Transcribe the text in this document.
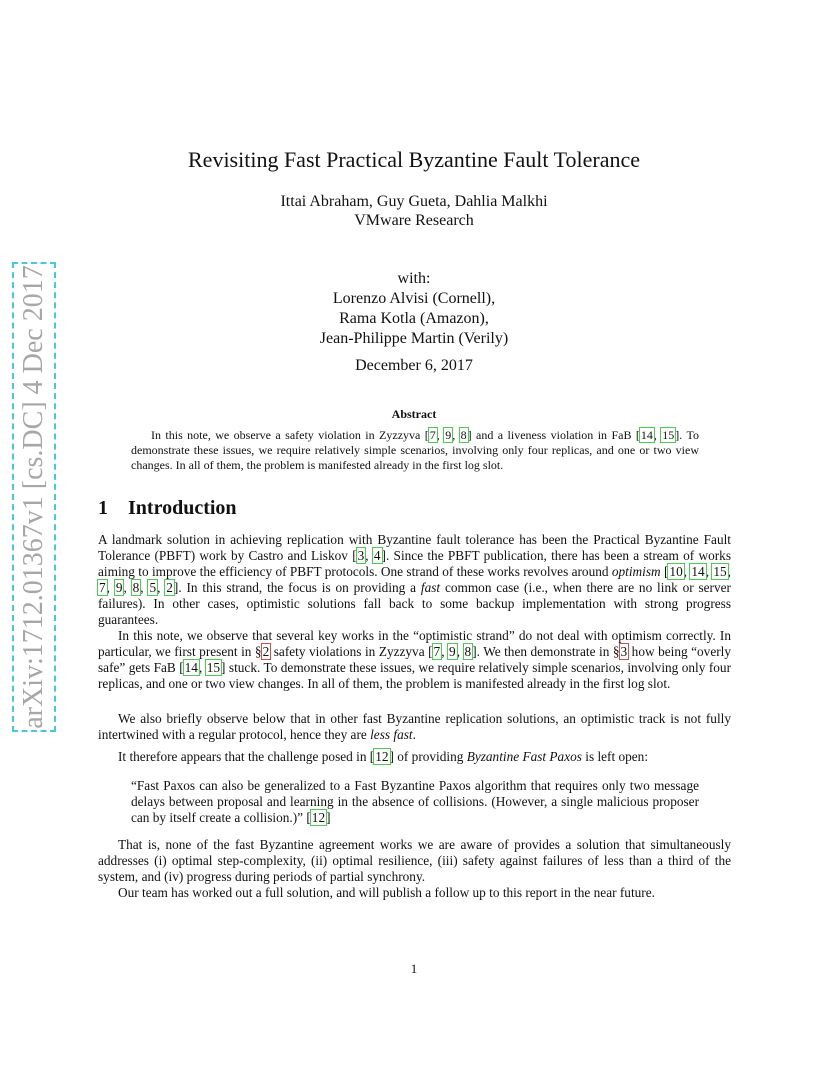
arXiv:1712.01367v1 [cs.DC] 4 Dec 2017
Revisiting Fast Practical Byzantine Fault Tolerance
Ittai Abraham, Guy Gueta, Dahlia Malkhi
VMware Research
with:
Lorenzo Alvisi (Cornell),
Rama Kotla (Amazon),
Jean-Philippe Martin (Verily)
December 6, 2017
Abstract
In this note, we observe a safety violation in Zyzzyva [7, 9, 8] and a liveness violation in FaB [14, 15]. To demonstrate these issues, we require relatively simple scenarios, involving only four replicas, and one or two view changes. In all of them, the problem is manifested already in the first log slot.
1 Introduction

A landmark solution in achieving replication with Byzantine fault tolerance has been the Practical Byzantine Fault Tolerance (PBFT) work by Castro and Liskov [3, 4]. Since the PBFT publication, there has been a stream of works aiming to improve the efficiency of PBFT protocols. One strand of these works revolves around optimism [10, 14, 15, 7, 9, 8, 5, 2]. In this strand, the focus is on providing a fast common case (i.e., when there are no link or server failures). In other cases, optimistic solutions fall back to some backup implementation with strong progress guarantees.

In this note, we observe that several key works in the “optimistic strand” do not deal with optimism correctly. In particular, we first present in §2 safety violations in Zyzzyva [7, 9, 8]. We then demonstrate in §3 how being “overly safe” gets FaB [14, 15] stuck. To demonstrate these issues, we require relatively simple scenarios, involving only four replicas, and one or two view changes. In all of them, the problem is manifested already in the first log slot.

We also briefly observe below that in other fast Byzantine replication solutions, an optimistic track is not fully intertwined with a regular protocol, hence they are less fast.

It therefore appears that the challenge posed in [12] of providing Byzantine Fast Paxos is left open:

“Fast Paxos can also be generalized to a Fast Byzantine Paxos algorithm that requires only two message delays between proposal and learning in the absence of collisions. (However, a single malicious proposer can by itself create a collision.)” [12]

That is, none of the fast Byzantine agreement works we are aware of provides a solution that simultaneously addresses (i) optimal step-complexity, (ii) optimal resilience, (iii) safety against failures of less than a third of the system, and (iv) progress during periods of partial synchrony.

Our team has worked out a full solution, and will publish a follow up to this report in the near future.

1
